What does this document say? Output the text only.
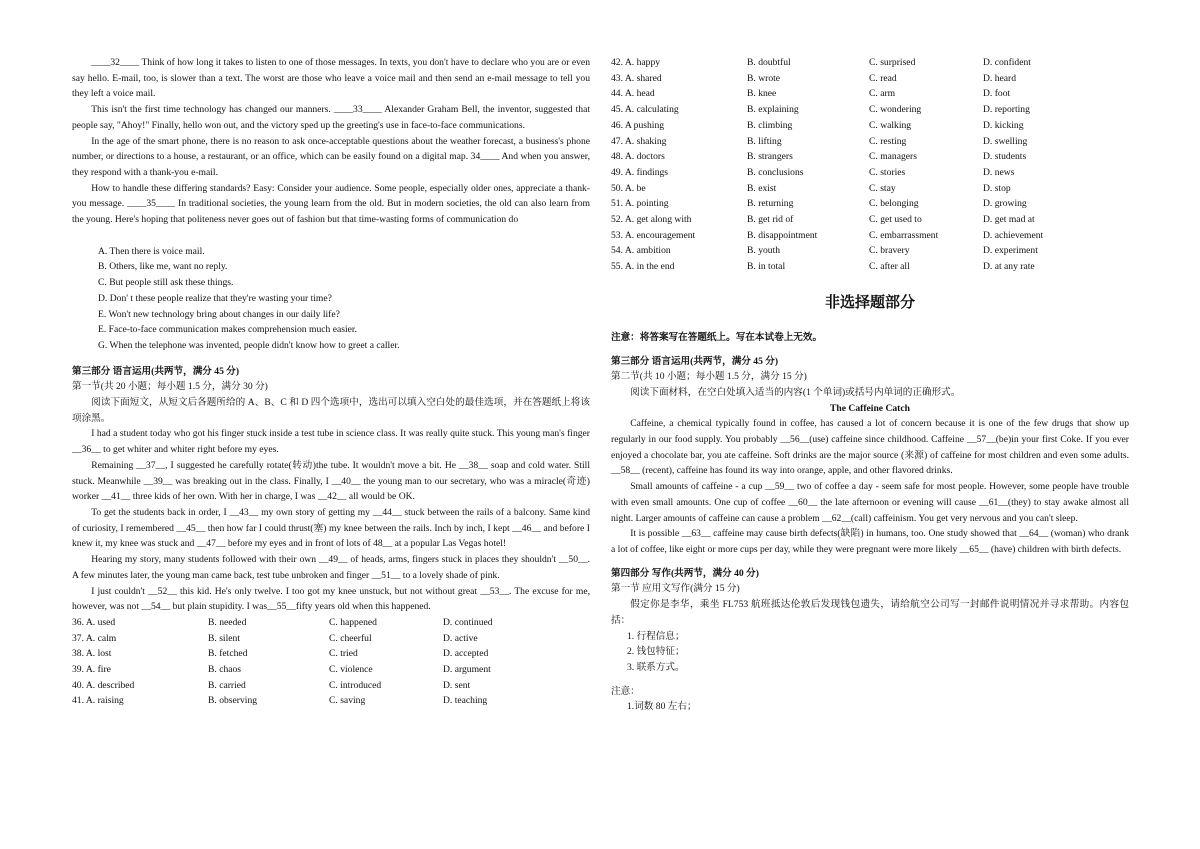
____32____ Think of how long it takes to listen to one of those messages. In texts, you don't have to declare who you are or even say hello. E-mail, too, is slower than a text. The worst are those who leave a voice mail and then send an e-mail message to tell you they left a voice mail.

This isn't the first time technology has changed our manners. ____33____ Alexander Graham Bell, the inventor, suggested that people say, "Ahoy!" Finally, hello won out, and the victory sped up the greeting's use in face-to-face communications.

In the age of the smart phone, there is no reason to ask once-acceptable questions about the weather forecast, a business's phone number, or directions to a house, a restaurant, or an office, which can be easily found on a digital map. 34____ And when you answer, they respond with a thank-you e-mail.

How to handle these differing standards? Easy: Consider your audience. Some people, especially older ones, appreciate a thank-you message. ____35____ In traditional societies, the young learn from the old. But in modern societies, the old can also learn from the young. Here's hoping that politeness never goes out of fashion but that time-wasting forms of communication do

A. Then there is voice mail.
B. Others, like me, want no reply.
C. But people still ask these things.
D. Don' t these people realize that they're wasting your time?
E. Won't new technology bring about changes in our daily life?
E. Face-to-face communication makes comprehension much easier.
G. When the telephone was invented, people didn't know how to greet a caller.

第三部分 语言运用(共两节，满分 45 分)

第一节(共 20 小题；每小题 1.5 分，满分 30 分)

阅读下面短文，从短文后各题所给的 A、B、C 和 D 四个选项中，选出可以填入空白处的最佳选项，并在答题纸上将该项涂黑。

I had a student today who got his finger stuck inside a test tube in science class. It was really quite stuck. This young man's finger __36__ to get whiter and whiter right before my eyes.

Remaining __37__, I suggested he carefully rotate(转动)the tube. It wouldn't move a bit. He __38__ soap and cold water. Still stuck. Meanwhile __39__ was breaking out in the class. Finally, I __40__ the young man to our secretary, who was a miracle(奇迹) worker __41__ three kids of her own. With her in charge, I was __42__ all would be OK.

To get the students back in order, I __43__ my own story of getting my __44__ stuck between the rails of a balcony. Same kind of curiosity, I remembered __45__ then how far I could thrust(塞) my knee between the rails. Inch by inch, I kept __46__ and before I knew it, my knee was stuck and __47__ before my eyes and in front of lots of 48__ at a popular Las Vegas hotel!

Hearing my story, many students followed with their own __49__ of heads, arms, fingers stuck in places they shouldn't __50__. A few minutes later, the young man came back, test tube unbroken and finger __51__ to a lovely shade of pink.

I just couldn't __52__ this kid. He's only twelve. I too got my knee unstuck, but not without great __53__. The excuse for me, however, was not __54__ but plain stupidity. I was__55__fifty years old when this happened.

36. A. used	B. needed	C. happened	D. continued
37. A. calm	B. silent	C. cheerful	D. active
38. A. lost	B. fetched	C. tried	D. accepted
39. A. fire	B. chaos	C. violence	D. argument
40. A. described	B. carried	C. introduced	D. sent
41. A. raising	B. observing	C. saving	D. teaching
42. A. happy	B. doubtful	C. surprised	D. confident
43. A. shared	B. wrote	C. read	D. heard
44. A. head	B. knee	C. arm	D. foot
45. A. calculating	B. explaining	C. wondering	D. reporting
46. A pushing	B. climbing	C. walking	D. kicking
47. A. shaking	B. lifting	C. resting	D. swelling
48. A. doctors	B. strangers	C. managers	D. students
49. A. findings	B. conclusions	C. stories	D. news
50. A. be	B. exist	C. stay	D. stop
51. A. pointing	B. returning	C. belonging	D. growing
52. A. get along with	B. get rid of	C. get used to	D. get mad at
53. A. encouragement	B. disappointment	C. embarrassment	D. achievement
54. A. ambition	B. youth	C. bravery	D. experiment
55. A. in the end	B. in total	C. after all	D. at any rate
非选择题部分

注意：将答案写在答题纸上。写在本试卷上无效。

第三部分 语言运用(共两节，满分 45 分)

第二节(共 10 小题；每小题 1.5 分，满分 15 分)

阅读下面材料，在空白处填入适当的内容(1 个单词)或括号内单词的正确形式。

The Caffeine Catch

Caffeine, a chemical typically found in coffee, has caused a lot of concern because it is one of the few drugs that show up regularly in our food supply. You probably __56__(use) caffeine since childhood. Caffeine __57__(be)in your first Coke. If you ever enjoyed a chocolate bar, you ate caffeine. Soft drinks are the major source (来源) of caffeine for most children and even some adults. __58__ (recent), caffeine has found its way into orange, apple, and other flavored drinks.

Small amounts of caffeine - a cup __59__ two of coffee a day - seem safe for most people. However, some people have trouble with even small amounts. One cup of coffee __60__ the late afternoon or evening will cause __61__(they) to stay awake almost all night. Larger amounts of caffeine can cause a problem __62__(call) caffeinism. You get very nervous and you can't sleep.

It is possible __63__ caffeine may cause birth defects(缺陷) in humans, too. One study showed that __64__ (woman) who drank a lot of coffee, like eight or more cups per day, while they were pregnant were more likely __65__ (have) children with birth defects.

第四部分 写作(共两节，满分 40 分)

第一节 应用文写作(满分 15 分)

假定你是李华，乘坐 FL753 航班抵达伦敦后发现钱包遗失，请给航空公司写一封邮件说明情况并寻求帮助。内容包括：

1. 行程信息；
2. 钱包特征；
3. 联系方式。

注意：

1.词数 80 左右；
